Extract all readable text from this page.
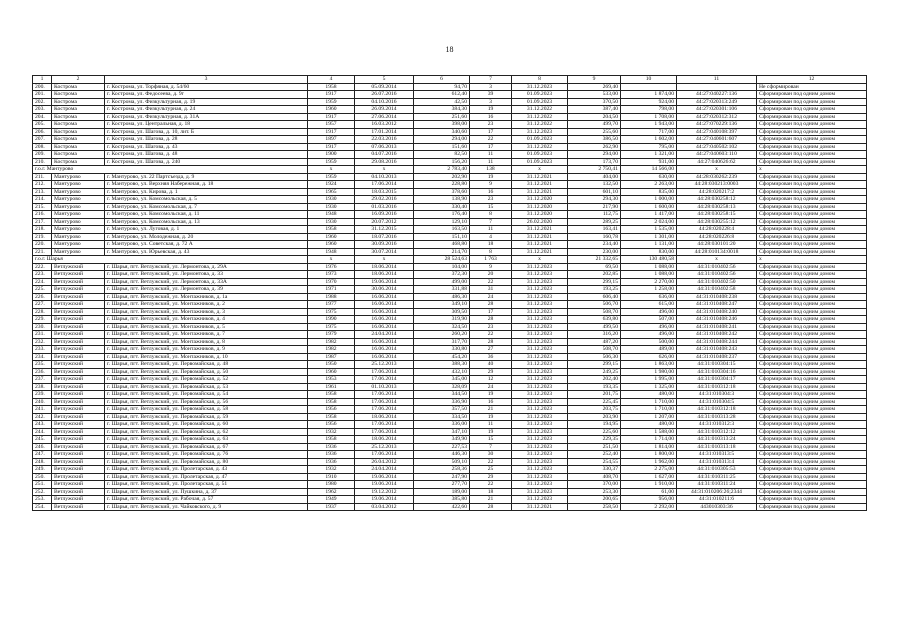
18
1	2	3	4	5	6	7	8	9	10	11	12
200.	Кострома	г. Кострома, ул. Торфяная, д. 54/60	1958	05.09.2014	94,70	3	31.12.2023	269,40			Не сформирован
201.	Кострома	г. Кострома, ул. Федосеева, д. 9г	1917	26.07.2016	612,40	39	01.09.2023	533,00	1 874,00	44:27:040227:136	Сформирован под одним домом
202.	Кострома	г. Кострома, ул. Физкультурная, д. 19	1959	04.10.2016	42,50	3	01.09.2023	370,50	924,00	44:27:020313:249	Сформирован под одним домом
203.	Кострома	г. Кострома, ул. Физкультурная, д. 24	1960	26.09.2014	384,30	19	31.12.2022	387,40	798,00	44:27:020301:106	Сформирован под одним домом
204.	Кострома	г. Кострома, ул. Физкультурная, д. 31А	1917	27.06.2014	251,60	16	31.12.2022	204,50	1 708,00	44:27:020312:312	Сформирован под одним домом
205.	Кострома	г. Кострома, ул. Центральная, д. 18	1957	16.03.2012	398,00	23	31.12.2022	499,70	1 943,00	44:27:070229:136	Сформирован под одним домом
206.	Кострома	г. Кострома, ул. Шагова, д. 10, лит. Б	1917	17.01.2014	340,60	17	31.12.2023	255,60	717,00	44:27:040108:397	Сформирован под одним домом
207.	Кострома	г. Кострома, ул. Шагова, д. 28	1897	22.03.2016	294,00	22	01.09.2023	386,50	1 602,00	44:27:040601:607	Сформирован под одним домом
208.	Кострома	г. Кострома, ул. Шагова, д. 43	1917	07.06.2013	151,60	17	31.12.2022	262,90	795,00	44:27:040502:102	Сформирован под одним домом
209.	Кострома	г. Кострома, ул. Шагова, д. 48	1900	04.07.2016	82,50	11	01.09.2023	294,00	1 321,00	44:27:040603:110	Сформирован под одним домом
210.	Кострома	г. Кострома, ул. Шагова, д. 240	1959	29.08.2016	156,20	11	01.09.2023	173,70	931,00	44:27:040626:62	Сформирован под одним домом
г.о.г. Мантурово			x	x	2 783,40	138	x	2 750,41	14 566,00	x	x
211.	Мантурово	г. Мантурово, ул. 22 Партсъезда, д. 9	1959	04.10.2013	202,90	19	31.12.2021	404,00	630,00	44:28:030262:239	Сформирован под одним домом
212.	Мантурово	г. Мантурово, ул. Верхняя Набережная, д. 18	1924	17.06.2014	228,80	9	31.12.2021	132,50	2 263,00	44:28:030213:0003	Сформирован под одним домом
213.	Мантурово	г. Мантурово, ул. Кирова, д. 1	1965	18.03.2015	378,60	16	31.12.2021	601,10	835,00	44:28:020217:2	Сформирован под одним домом
214.	Мантурово	г. Мантурово, ул. Комсомольская, д. 5	1930	29.02.2016	138,90	23	31.12.2020	294,30	1 000,00	44:28:030258:12	Сформирован под одним домом
215.	Мантурово	г. Мантурово, ул. Комсомольская, д. 7	1930	01.03.2016	330,40	15	31.12.2020	217,90	1 600,00	44:28:030258:13	Сформирован под одним домом
216.	Мантурово	г. Мантурово, ул. Комсомольская, д. 11	1948	16.09.2016	176,40	8	31.12.2020	112,75	1 417,00	44:28:030258:15	Сформирован под одним домом
217.	Мантурово	г. Мантурово, ул. Комсомольская, д. 13	1930	20.07.2012	129,10	7	26.02.2020	289,25	2 024,00	44:28:030255:12	Сформирован под одним домом
218.	Мантурово	г. Мантурово, ул. Луговая, д. 1	1958	31.12.2015	163,50	11	31.12.2021	163,41	1 535,00	44:28:020228:4	Сформирован под одним домом
219.	Мантурово	г. Мантурово, ул. Молодежная, д. 20	1960	18.07.2016	151,10	4	31.12.2021	160,78	1 301,00	44:28:020226:8	Сформирован под одним домом
220.	Мантурово	г. Мантурово, ул. Советская, д. 72 А	1960	30.09.2016	468,80	18	31.12.2021	234,40	1 131,00	44:28:030101:20	Сформирован под одним домом
221.	Мантурово	г. Мантурово, ул. Юрьевская, д. 43	1948	30.07.2014	214,70	8	31.12.2021	230,00	830,00	44:28:010134:0018	Сформирован под одним домом
г.о.г. Шарья			x	x	28 524,63	1 763	x	21 332,65	130 480,58	x	x
222.	Ветлужский	г. Шарья, пгт. Ветлужский, ул. Лермонтова, д. 29А	1976	18.06.2014	104,00	9	31.12.2023	69,50	1 088,00	44:31:010402:56	Сформирован под одним домом
223.	Ветлужский	г. Шарья, пгт. Ветлужский, ул. Лермонтова, д. 33	1973	18.06.2014	372,30	20	31.12.2023	202,85	1 088,00	44:31:010402:56	Сформирован под одним домом
224.	Ветлужский	г. Шарья, пгт. Ветлужский, ул. Лермонтова, д. 33А	1970	19.06.2014	499,00	22	31.12.2023	299,15	2 270,00	44:31:010402:50	Сформирован под одним домом
225.	Ветлужский	г. Шарья, пгт. Ветлужский, ул. Лермонтова, д. 39	1971	30.06.2014	331,88	31	31.12.2023	193,25	1 258,00	44:31:010402:58	Сформирован под одним домом
226.	Ветлужский	г. Шарья, пгт. Ветлужский, ул. Монтажников, д. 1а	1988	16.06.2014	486,30	24	31.12.2023	606,40	636,00	44:31:010408:238	Сформирован под одним домом
227.	Ветлужский	г. Шарья, пгт. Ветлужский, ул. Монтажников, д. 2	1977	16.06.2014	349,10	28	31.12.2023	506,70	615,00	44:31:010408:247	Сформирован под одним домом
228.	Ветлужский	г. Шарья, пгт. Ветлужский, ул. Монтажников, д. 3	1975	16.06.2014	309,50	17	31.12.2023	508,70	496,00	44:31:010408:240	Сформирован под одним домом
229.	Ветлужский	г. Шарья, пгт. Ветлужский, ул. Монтажников, д. 4	1990	16.06.2014	319,90	28	31.12.2023	639,80	507,00	44:31:010408:246	Сформирован под одним домом
230.	Ветлужский	г. Шарья, пгт. Ветлужский, ул. Монтажников, д. 5	1975	16.06.2014	324,50	23	31.12.2023	499,50	496,00	44:31:010408:241	Сформирован под одним домом
231.	Ветлужский	г. Шарья, пгт. Ветлужский, ул. Монтажников, д. 7	1979	24.04.2014	260,20	22	31.12.2023	316,20	496,00	44:31:010408:242	Сформирован под одним домом
232.	Ветлужский	г. Шарья, пгт. Ветлужский, ул. Монтажников, д. 8	1982	16.06.2014	317,70	28	31.12.2023	487,20	500,00	44:31:010408:244	Сформирован под одним домом
233.	Ветлужский	г. Шарья, пгт. Ветлужский, ул. Монтажников, д. 9	1982	16.06.2014	330,80	27	31.12.2023	508,70	489,00	44:31:010408:243	Сформирован под одним домом
234.	Ветлужский	г. Шарья, пгт. Ветлужский, ул. Монтажников, д. 10	1987	16.06.2014	454,20	36	31.12.2023	506,30	626,00	44:31:010408:237	Сформирован под одним домом
235.	Ветлужский	г. Шарья, пгт. Ветлужский, ул. Первомайская, д. 48	1950	25.12.2013	388,30	40	31.12.2023	299,15	1 863,00	44:31:010304:15	Сформирован под одним домом
236.	Ветлужский	г. Шарья, пгт. Ветлужский, ул. Первомайская, д. 50	1960	17.06.2014	432,10	29	31.12.2023	249,25	1 980,00	44:31:010304:16	Сформирован под одним домом
237.	Ветлужский	г. Шарья, пгт. Ветлужский, ул. Первомайская, д. 52	1953	17.06.2014	345,00	12	31.12.2023	202,40	1 995,00	44:31:010304:17	Сформирован под одним домом
238.	Ветлужский	г. Шарья, пгт. Ветлужский, ул. Первомайская, д. 53	1961	01.10.2013	328,09	24	31.12.2023	193,35	1 325,00	44:31:010312:18	Сформирован под одним домом
239.	Ветлужский	г. Шарья, пгт. Ветлужский, ул. Первомайская, д. 54	1958	17.06.2014	344,50	19	31.12.2023	201,75	480,00	44:31:010304:3	Сформирован под одним домом
240.	Ветлужский	г. Шарья, пгт. Ветлужский, ул. Первомайская, д. 56	1958	17.06.2014	336,90	16	31.12.2023	225,45	1 710,00	44:31:010304:5	Сформирован под одним домом
241.	Ветлужский	г. Шарья, пгт. Ветлужский, ул. Первомайская, д. 58	1956	17.06.2014	357,50	21	31.12.2023	203,75	1 710,00	44:31:010312:18	Сформирован под одним домом
242.	Ветлужский	г. Шарья, пгт. Ветлужский, ул. Первомайская, д. 59	1958	18.06.2014	334,50	19	31.12.2023	203,90	1 207,00	44:31:010313:28	Сформирован под одним домом
243.	Ветлужский	г. Шарья, пгт. Ветлужский, ул. Первомайская, д. 60	1956	17.06.2014	336,00	11	31.12.2023	194,95	480,00	44:31:010312:3	Сформирован под одним домом
244.	Ветлужский	г. Шарья, пгт. Ветлужский, ул. Первомайская, д. 62	1932	17.06.2014	347,10	19	31.12.2023	225,60	1 588,00	44:31:010312:12	Сформирован под одним домом
245.	Ветлужский	г. Шарья, пгт. Ветлужский, ул. Первомайская, д. 63	1958	18.06.2014	349,90	15	31.12.2023	229,35	1 714,00	44:31:010313:24	Сформирован под одним домом
246.	Ветлужский	г. Шарья, пгт. Ветлужский, ул. Первомайская, д. 67	1936	25.12.2013	227,53	7	31.12.2023	251,50	1 814,00	44:31:010313:18	Сформирован под одним домом
247.	Ветлужский	г. Шарья, пгт. Ветлужский, ул. Первомайская, д. 76	1936	17.06.2014	446,30	30	31.12.2023	252,40	1 800,00	44:31:010313:5	Сформирован под одним домом
248.	Ветлужский	г. Шарья, пгт. Ветлужский, ул. Первомайская, д. 80	1936	26.04.2012	509,10	22	31.12.2023	254,55	1 962,00	44:31:010313:4	Сформирован под одним домом
249.	Ветлужский	г. Шарья, пгт. Ветлужский, ул. Пролетарская, д. 43	1932	24.04.2014	258,36	25	31.12.2023	330,37	2 275,00	44:31:010305:53	Сформирован под одним домом
250.	Ветлужский	г. Шарья, пгт. Ветлужский, ул. Пролетарская, д. 47	1910	19.06.2014	247,90	29	31.12.2023	408,70	1 627,00	44:31:010311:25	Сформирован под одним домом
251.	Ветлужский	г. Шарья, пгт. Ветлужский, ул. Пролетарская, д. 51	1980	19.06.2014	277,70	22	31.12.2023	370,00	1 910,00	44:31:010311:24	Сформирован под одним домом
252.	Ветлужский	г. Шарья, пгт. Ветлужский, ул. Пушкина, д. 37	1962	19.12.2012	189,00	18	31.12.2023	253,30	61,00	44:31:010206:26;2344	Сформирован под одним домом
253.	Ветлужский	г. Шарья, пгт. Ветлужский, ул. Рабочая, д. 57	1949	19.06.2014	385,80	21	31.12.2023	200,65	956,00	44:31:010211:6	Сформирован под одним домом
254.	Ветлужский	г. Шарья, пгт. Ветлужский, ул. Чайковского, д. 9	1937	03.04.2012	422,60	28	31.12.2021	258,50	2 292,00	443010303:36	Сформирован под одним домом
